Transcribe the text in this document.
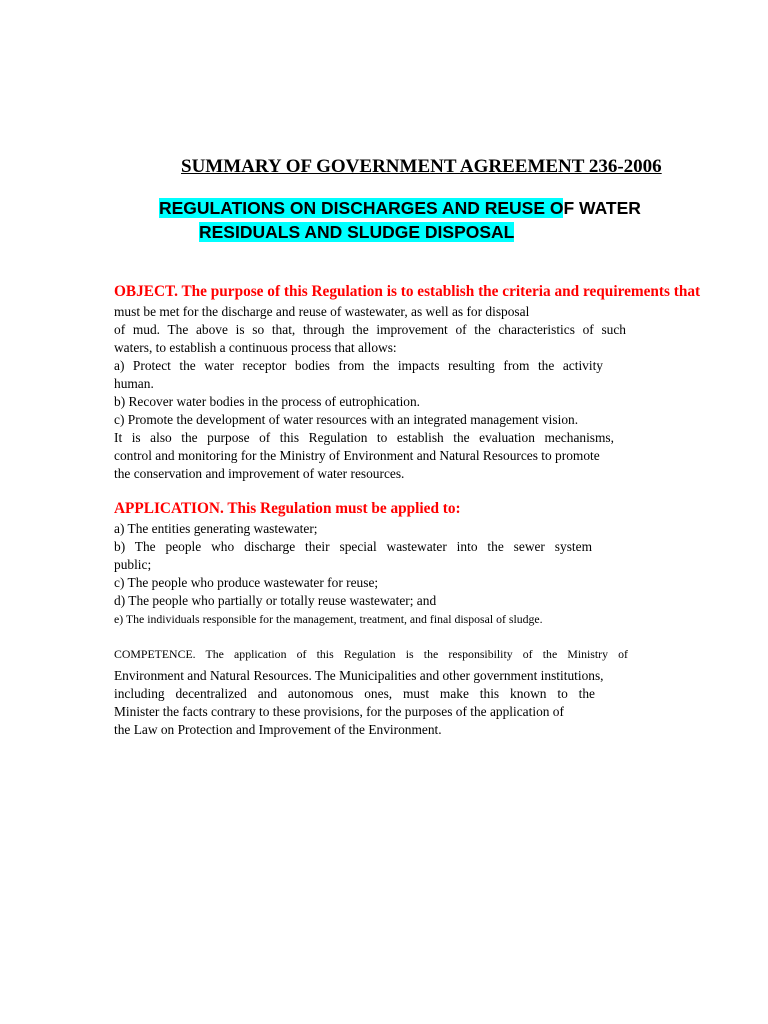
SUMMARY OF GOVERNMENT AGREEMENT 236-2006
REGULATIONS ON DISCHARGES AND REUSE OF WATER
RESIDUALS AND SLUDGE DISPOSAL
OBJECT. The purpose of this Regulation is to establish the criteria and requirements that
must be met for the discharge and reuse of wastewater, as well as for disposal
of mud. The above is so that, through the improvement of the characteristics of such
waters, to establish a continuous process that allows:
a) Protect the water receptor bodies from the impacts resulting from the activity
human.
b) Recover water bodies in the process of eutrophication.
c) Promote the development of water resources with an integrated management vision.
It is also the purpose of this Regulation to establish the evaluation mechanisms,
control and monitoring for the Ministry of Environment and Natural Resources to promote
the conservation and improvement of water resources.
APPLICATION. This Regulation must be applied to:
a) The entities generating wastewater;
b) The people who discharge their special wastewater into the sewer system
public;
c) The people who produce wastewater for reuse;
d) The people who partially or totally reuse wastewater; and
e) The individuals responsible for the management, treatment, and final disposal of sludge.
COMPETENCE. The application of this Regulation is the responsibility of the Ministry of
Environment and Natural Resources. The Municipalities and other government institutions,
including decentralized and autonomous ones, must make this known to the
Minister the facts contrary to these provisions, for the purposes of the application of
the Law on Protection and Improvement of the Environment.
